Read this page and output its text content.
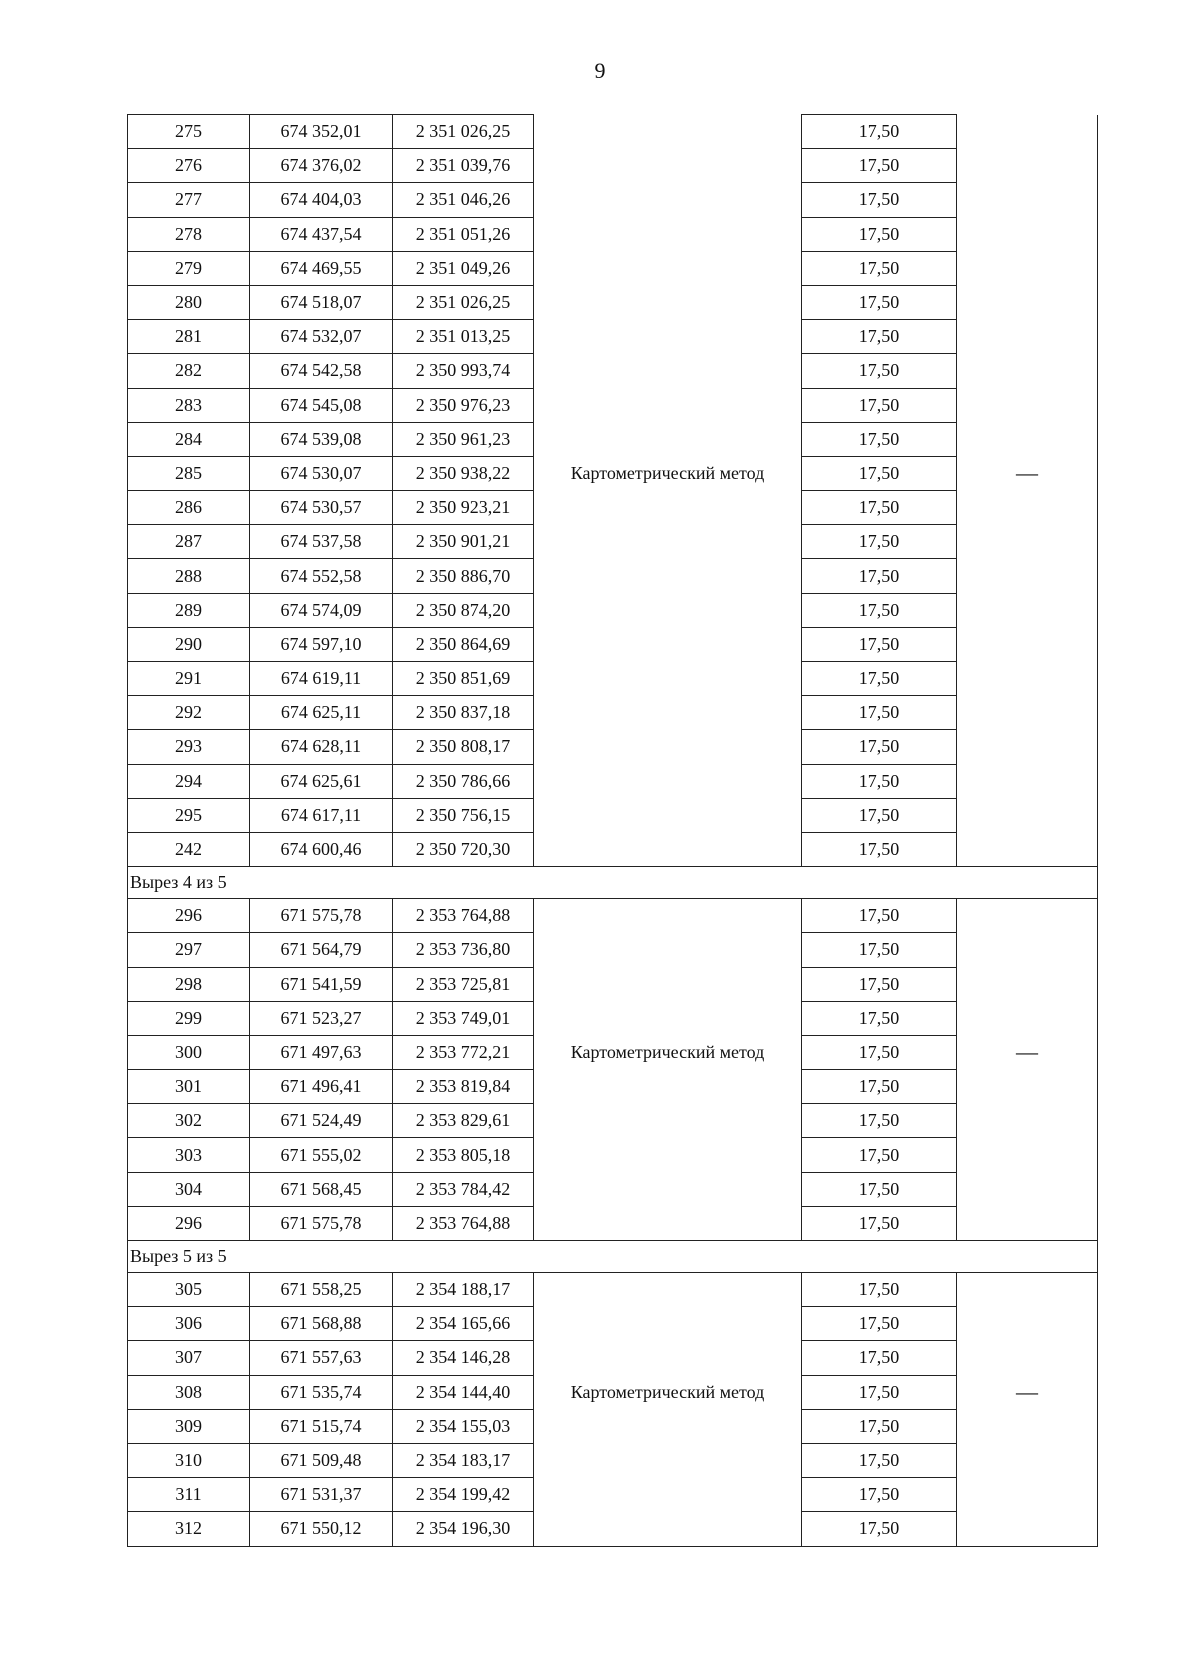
9
275	674 352,01	2 351 026,25		17,50	
276	674 376,02	2 351 039,76		17,50	
277	674 404,03	2 351 046,26		17,50	
278	674 437,54	2 351 051,26		17,50	
279	674 469,55	2 351 049,26		17,50	
280	674 518,07	2 351 026,25		17,50	
281	674 532,07	2 351 013,25		17,50	
282	674 542,58	2 350 993,74		17,50	
283	674 545,08	2 350 976,23		17,50	
284	674 539,08	2 350 961,23		17,50	
285	674 530,07	2 350 938,22	Картометрический метод	17,50	—
286	674 530,57	2 350 923,21		17,50	
287	674 537,58	2 350 901,21		17,50	
288	674 552,58	2 350 886,70		17,50	
289	674 574,09	2 350 874,20		17,50	
290	674 597,10	2 350 864,69		17,50	
291	674 619,11	2 350 851,69		17,50	
292	674 625,11	2 350 837,18		17,50	
293	674 628,11	2 350 808,17		17,50	
294	674 625,61	2 350 786,66		17,50	
295	674 617,11	2 350 756,15		17,50	
242	674 600,46	2 350 720,30		17,50	
Вырез 4 из 5					
296	671 575,78	2 353 764,88		17,50	
297	671 564,79	2 353 736,80		17,50	
298	671 541,59	2 353 725,81		17,50	
299	671 523,27	2 353 749,01		17,50	
300	671 497,63	2 353 772,21	Картометрический метод	17,50	—
301	671 496,41	2 353 819,84		17,50	
302	671 524,49	2 353 829,61		17,50	
303	671 555,02	2 353 805,18		17,50	
304	671 568,45	2 353 784,42		17,50	
296	671 575,78	2 353 764,88		17,50	
Вырез 5 из 5					
305	671 558,25	2 354 188,17		17,50	
306	671 568,88	2 354 165,66		17,50	
307	671 557,63	2 354 146,28		17,50	
308	671 535,74	2 354 144,40	Картометрический метод	17,50	—
309	671 515,74	2 354 155,03		17,50	
310	671 509,48	2 354 183,17		17,50	
311	671 531,37	2 354 199,42		17,50	
312	671 550,12	2 354 196,30		17,50	
